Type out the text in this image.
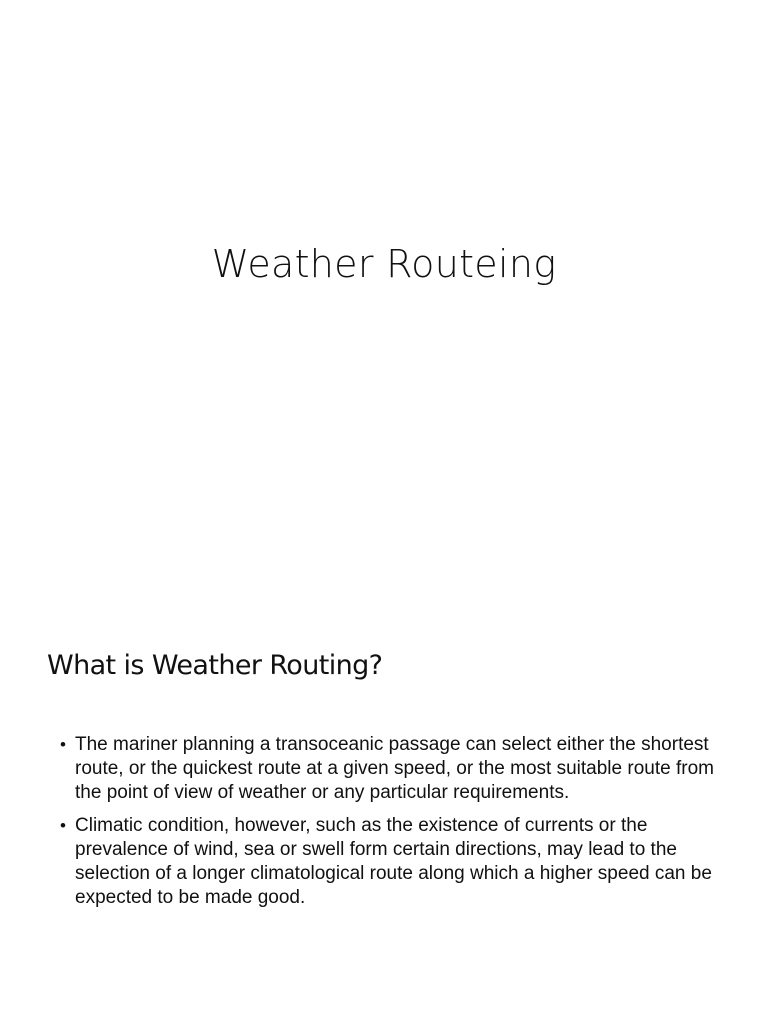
Weather Routeing
What is Weather Routing?
• The mariner planning a transoceanic passage can select either the shortest route, or the quickest route at a given speed, or the most suitable route from the point of view of weather or any particular requirements.
• Climatic condition, however, such as the existence of currents or the prevalence of wind, sea or swell form certain directions, may lead to the selection of a longer climatological route along which a higher speed can be expected to be made good.
